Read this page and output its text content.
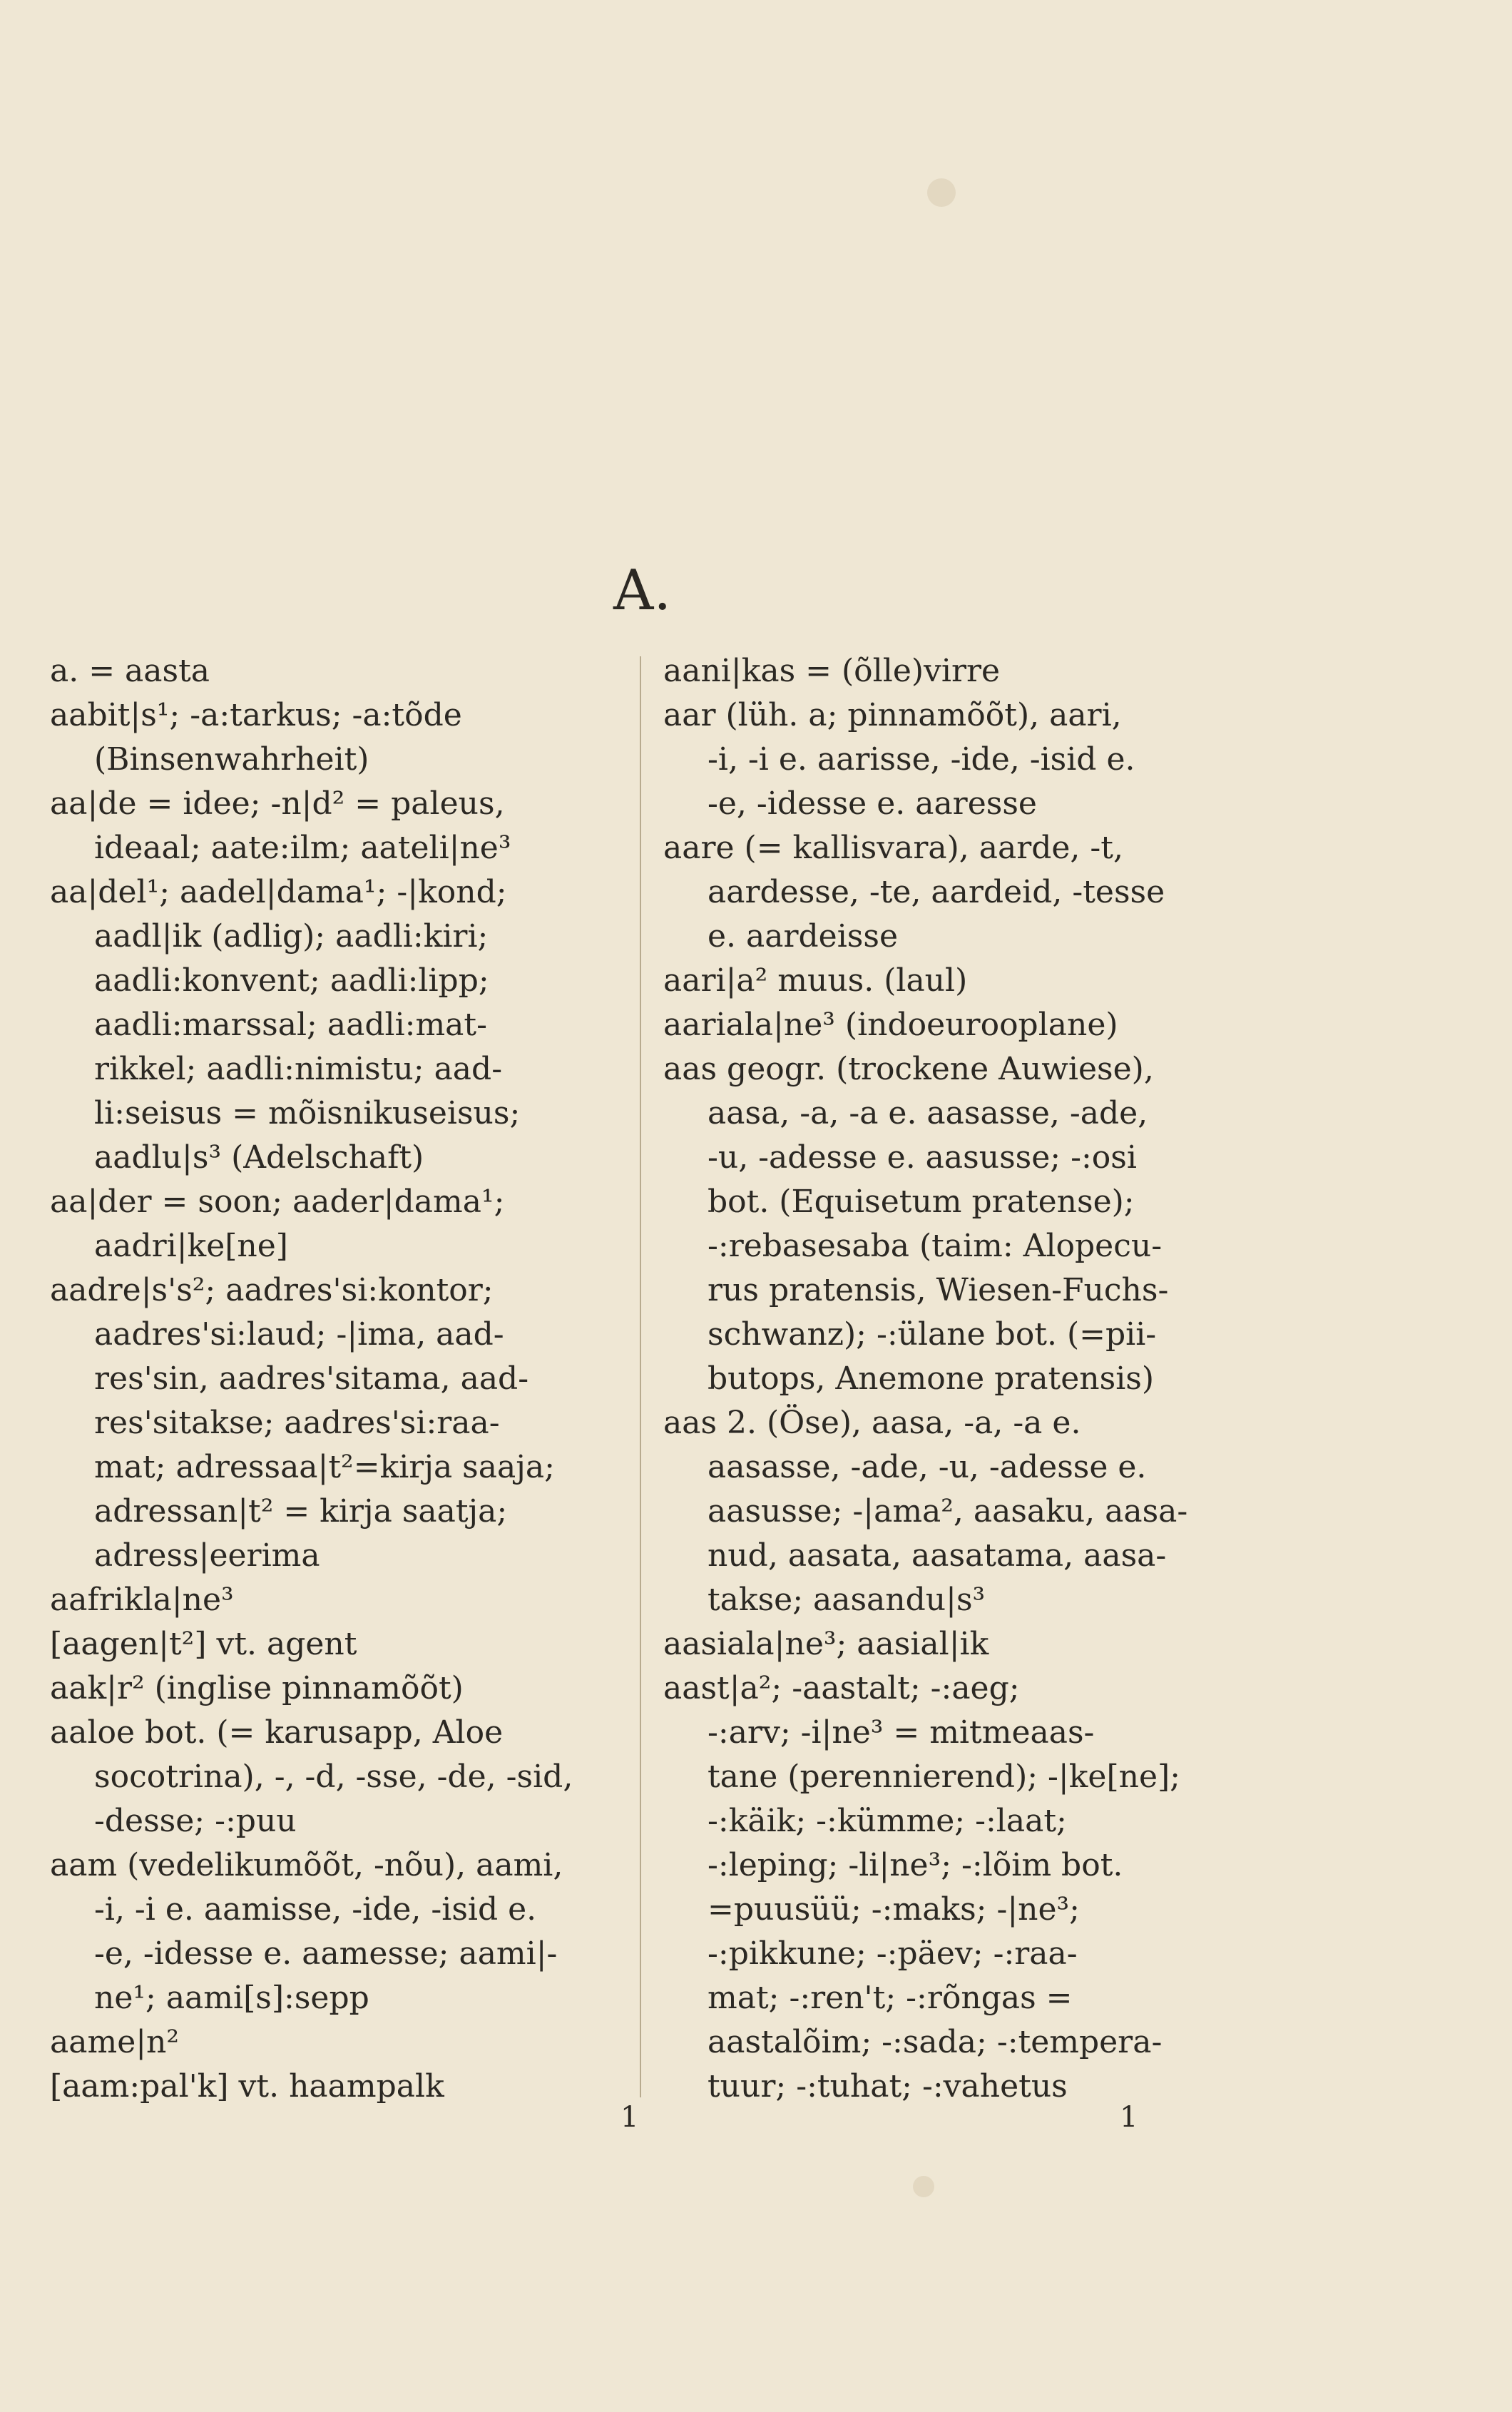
A.
a. = aasta
aabit|s¹; -a:tarkus; -a:tõde
(Binsenwahrheit)
aa|de = idee; -n|d² = paleus,
ideaal; aate:ilm; aateli|ne³
aa|del¹; aadel|dama¹; -|kond;
aadl|ik (adlig); aadli:kiri;
aadli:konvent; aadli:lipp;
aadli:marssal; aadli:mat-
rikkel; aadli:nimistu; aad-
li:seisus = mõisnikuseisus;
aadlu|s³ (Adelschaft)
aa|der = soon; aader|dama¹;
aadri|ke[ne]
aadre|s's²; aadres'si:kontor;
aadres'si:laud; -|ima, aad-
res'sin, aadres'sitama, aad-
res'sitakse; aadres'si:raa-
mat; adressaa|t²=kirja saaja;
adressan|t² = kirja saatja;
adress|eerima
aafrikla|ne³
[aagen|t²] vt. agent
aak|r² (inglise pinnamõõt)
aaloe bot. (= karusapp, Aloe
socotrina), -, -d, -sse, -de, -sid,
-desse; -:puu
aam (vedelikumõõt, -nõu), aami,
-i, -i e. aamisse, -ide, -isid e.
-e, -idesse e. aamesse; aami|-
ne¹; aami[s]:sepp
aame|n²
[aam:pal'k] vt. haampalk
aani|kas = (õlle)virre
aar (lüh. a; pinnamõõt), aari,
-i, -i e. aarisse, -ide, -isid e.
-e, -idesse e. aaresse
aare (= kallisvara), aarde, -t,
aardesse, -te, aardeid, -tesse
e. aardeisse
aari|a² muus. (laul)
aariala|ne³ (indoeurooplane)
aas geogr. (trockene Auwiese),
aasa, -a, -a e. aasasse, -ade,
-u, -adesse e. aasusse; -:osi
bot. (Equisetum pratense);
-:rebasesaba (taim: Alopecu-
rus pratensis, Wiesen-Fuchs-
schwanz); -:ülane bot. (=pii-
butops, Anemone pratensis)
aas 2. (Öse), aasa, -a, -a e.
aasasse, -ade, -u, -adesse e.
aasusse; -|ama², aasaku, aasa-
nud, aasata, aasatama, aasa-
takse; aasandu|s³
aasiala|ne³; aasial|ik
aast|a²; -aastalt; -:aeg;
-:arv; -i|ne³ = mitmeaas-
tane (perennierend); -|ke[ne];
-:käik; -:kümme; -:laat;
-:leping; -li|ne³; -:lõim bot.
=puusüü; -:maks; -|ne³;
-:pikkune; -:päev; -:raa-
mat; -:ren't; -:rõngas =
aastalõim; -:sada; -:tempera-
tuur; -:tuhat; -:vahetus
1	1
